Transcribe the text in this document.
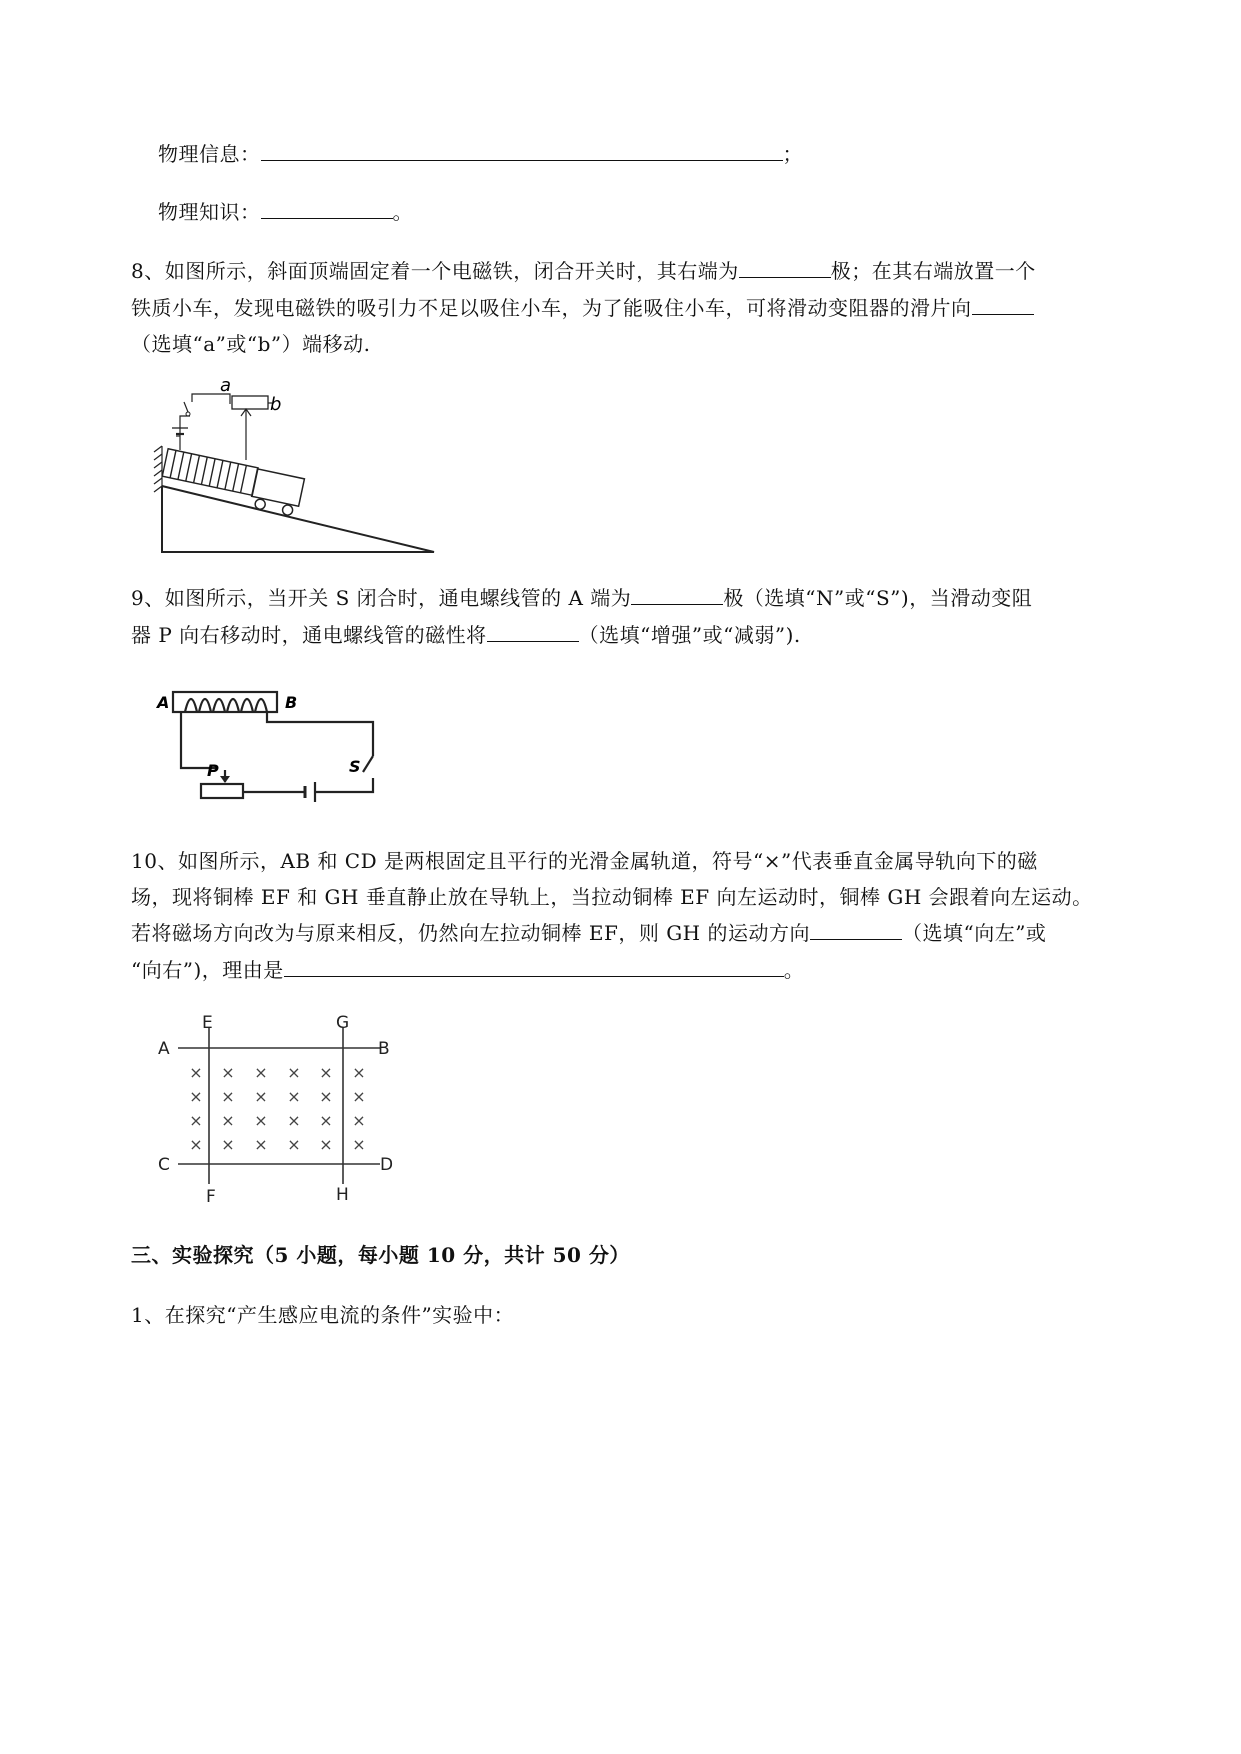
物理信息：	；
物理知识：	。
8、如图所示，斜面顶端固定着一个电磁铁，闭合开关时，其右端为	极；在其右端放置一个
铁质小车，发现电磁铁的吸引力不足以吸住小车，为了能吸住小车，可将滑动变阻器的滑片向
（选填“a”或“b”）端移动.
a
b
9、如图所示，当开关 S 闭合时，通电螺线管的 A 端为	极（选填“N”或“S”)，当滑动变阻
器 P 向右移动时，通电螺线管的磁性将	（选填“增强”或“减弱”).
A	B
S
P
10、如图所示，AB 和 CD 是两根固定且平行的光滑金属轨道，符号“×”代表垂直金属导轨向下的磁
场，现将铜棒 EF 和 GH 垂直静止放在导轨上，当拉动铜棒 EF 向左运动时，铜棒 GH 会跟着向左运动。
若将磁场方向改为与原来相反，仍然向左拉动铜棒 EF，则 GH 的运动方向	（选填“向左”或
“向右”)，理由是	。
× × × × × ×
× × × × × ×
× × × × × ×
× × × × × ×
E	G
A	B
C	D
F	H
三、实验探究（5 小题，每小题 10 分，共计 50 分）
1、在探究“产生感应电流的条件”实验中：
